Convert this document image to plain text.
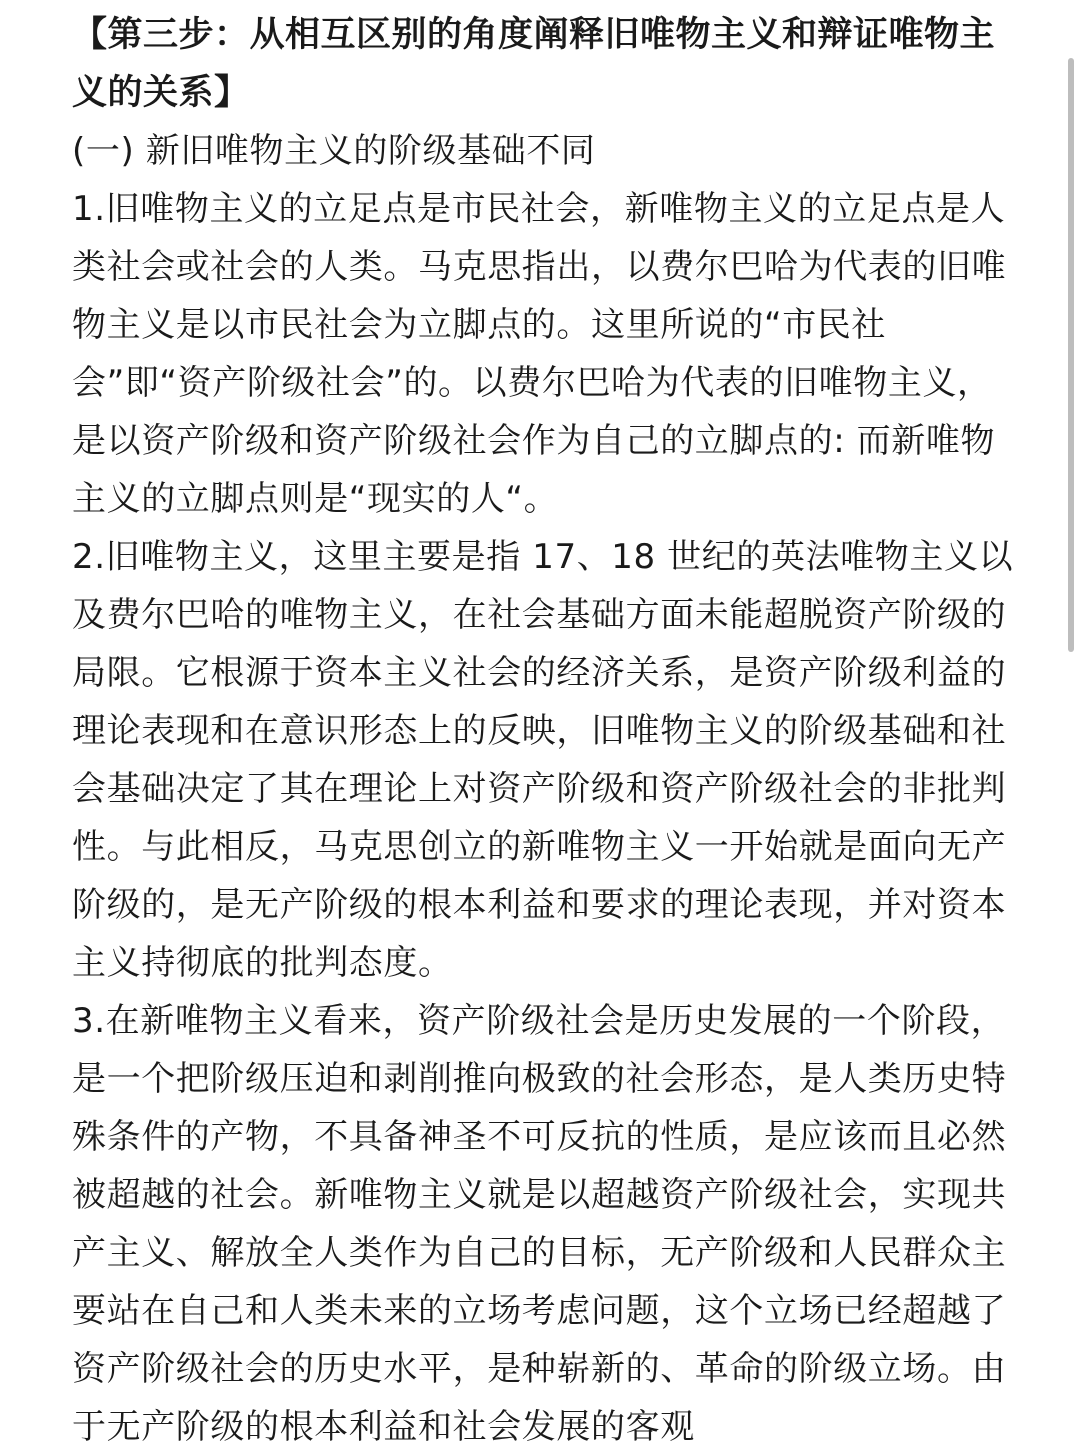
【第三步：从相互区别的角度阐释旧唯物主义和辩证唯物主义的关系】

(一) 新旧唯物主义的阶级基础不同

1.旧唯物主义的立足点是市民社会，新唯物主义的立足点是人类社会或社会的人类。马克思指出，以费尔巴哈为代表的旧唯物主义是以市民社会为立脚点的。这里所说的“市民社会”即“资产阶级社会”的。以费尔巴哈为代表的旧唯物主义，是以资产阶级和资产阶级社会作为自己的立脚点的: 而新唯物主义的立脚点则是“现实的人“。

2.旧唯物主义，这里主要是指 17、18 世纪的英法唯物主义以及费尔巴哈的唯物主义，在社会基础方面未能超脱资产阶级的局限。它根源于资本主义社会的经济关系，是资产阶级利益的理论表现和在意识形态上的反映，旧唯物主义的阶级基础和社会基础决定了其在理论上对资产阶级和资产阶级社会的非批判性。与此相反，马克思创立的新唯物主义一开始就是面向无产阶级的，是无产阶级的根本利益和要求的理论表现，并对资本主义持彻底的批判态度。

3.在新唯物主义看来，资产阶级社会是历史发展的一个阶段，是一个把阶级压迫和剥削推向极致的社会形态，是人类历史特殊条件的产物，不具备神圣不可反抗的性质，是应该而且必然被超越的社会。新唯物主义就是以超越资产阶级社会，实现共产主义、解放全人类作为自己的目标，无产阶级和人民群众主要站在自己和人类未来的立场考虑问题，这个立场已经超越了资产阶级社会的历史水平，是种崭新的、革命的阶级立场。由于无产阶级的根本利益和社会发展的客观
